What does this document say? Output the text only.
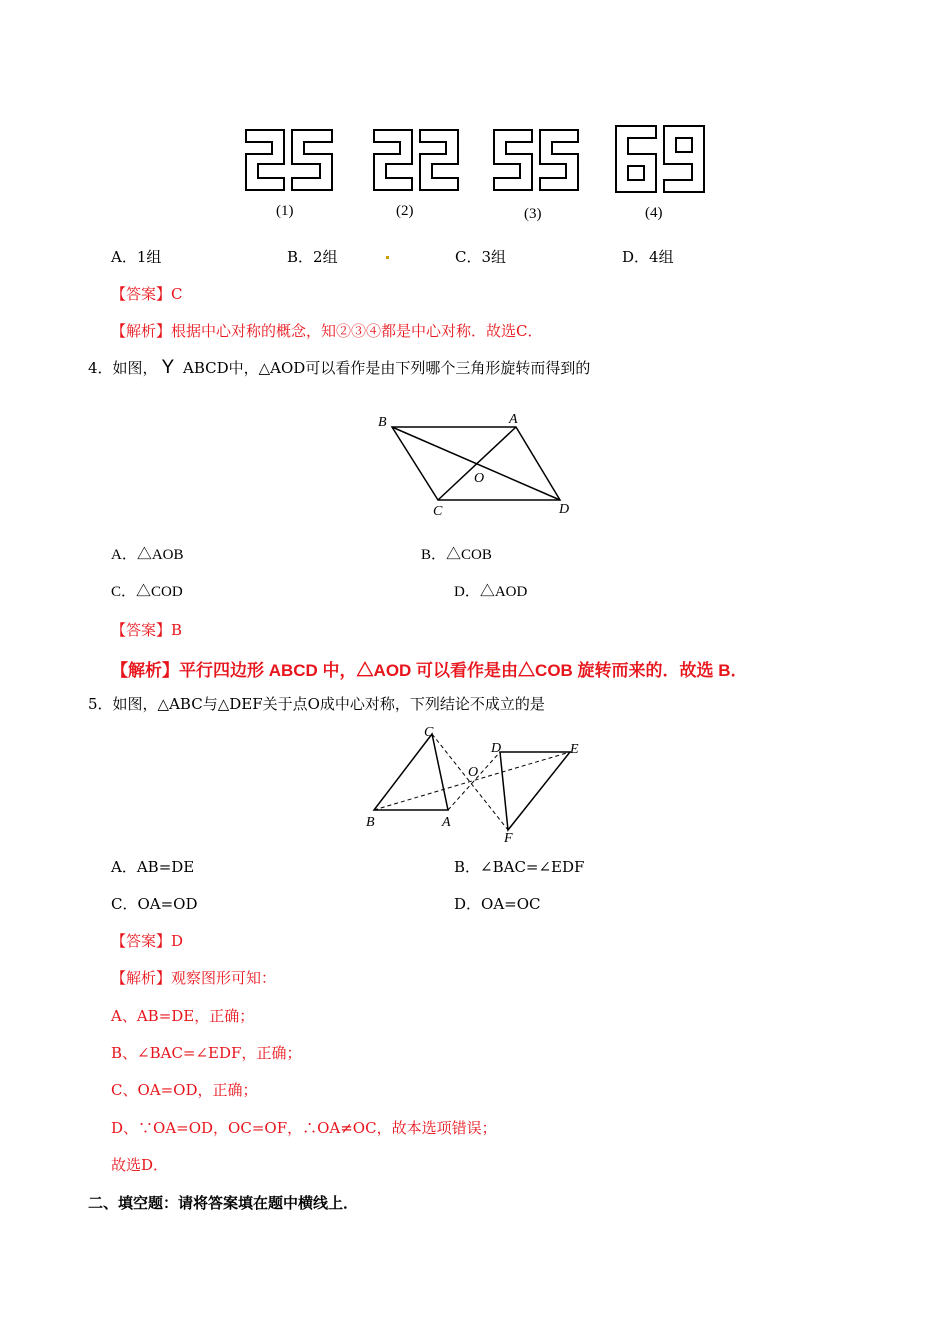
(1)	(2)	(3)	(4)
A．1组	B．2组	C．3组	D．4组
【答案】C
【解析】根据中心对称的概念，知②③④都是中心对称．故选C．
4．如图， Y ABCD中，△AOD可以看作是由下列哪个三角形旋转而得到的
B	A
O
C	D
A．△AOB	B．△COB
C．△COD	D．△AOD
【答案】B
【解析】平行四边形 ABCD 中，△AOD 可以看作是由△COB 旋转而来的．故选 B．
5．如图，△ABC与△DEF关于点O成中心对称，下列结论不成立的是
C
D	E
O
B	A
F
A．AB=DE	B．∠BAC=∠EDF
C．OA=OD	D．OA=OC
【答案】D
【解析】观察图形可知：
A、AB=DE，正确；
B、∠BAC=∠EDF，正确；
C、OA=OD，正确；
D、∵OA=OD，OC=OF，∴OA≠OC，故本选项错误；
故选D．
二、填空题：请将答案填在题中横线上．
